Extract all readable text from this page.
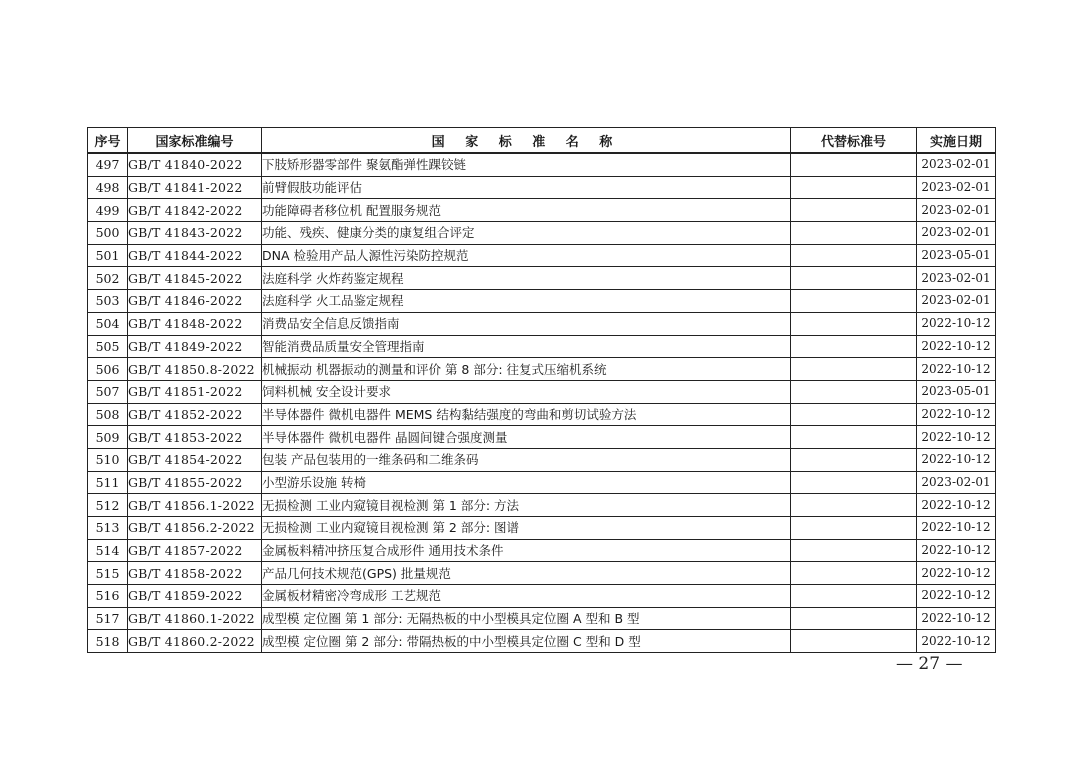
序号	国家标准编号	国 家 标 准 名 称	代替标准号	实施日期
497	GB/T 41840-2022	下肢矫形器零部件 聚氨酯弹性踝铰链		2023-02-01
498	GB/T 41841-2022	前臂假肢功能评估		2023-02-01
499	GB/T 41842-2022	功能障碍者移位机 配置服务规范		2023-02-01
500	GB/T 41843-2022	功能、残疾、健康分类的康复组合评定		2023-02-01
501	GB/T 41844-2022	DNA 检验用产品人源性污染防控规范		2023-05-01
502	GB/T 41845-2022	法庭科学 火炸药鉴定规程		2023-02-01
503	GB/T 41846-2022	法庭科学 火工品鉴定规程		2023-02-01
504	GB/T 41848-2022	消费品安全信息反馈指南		2022-10-12
505	GB/T 41849-2022	智能消费品质量安全管理指南		2022-10-12
506	GB/T 41850.8-2022	机械振动 机器振动的测量和评价 第 8 部分: 往复式压缩机系统		2022-10-12
507	GB/T 41851-2022	饲料机械 安全设计要求		2023-05-01
508	GB/T 41852-2022	半导体器件 微机电器件 MEMS 结构黏结强度的弯曲和剪切试验方法		2022-10-12
509	GB/T 41853-2022	半导体器件 微机电器件 晶圆间键合强度测量		2022-10-12
510	GB/T 41854-2022	包装 产品包装用的一维条码和二维条码		2022-10-12
511	GB/T 41855-2022	小型游乐设施 转椅		2023-02-01
512	GB/T 41856.1-2022	无损检测 工业内窥镜目视检测 第 1 部分: 方法		2022-10-12
513	GB/T 41856.2-2022	无损检测 工业内窥镜目视检测 第 2 部分: 图谱		2022-10-12
514	GB/T 41857-2022	金属板料精冲挤压复合成形件 通用技术条件		2022-10-12
515	GB/T 41858-2022	产品几何技术规范(GPS) 批量规范		2022-10-12
516	GB/T 41859-2022	金属板材精密冷弯成形 工艺规范		2022-10-12
517	GB/T 41860.1-2022	成型模 定位圈 第 1 部分: 无隔热板的中小型模具定位圈 A 型和 B 型		2022-10-12
518	GB/T 41860.2-2022	成型模 定位圈 第 2 部分: 带隔热板的中小型模具定位圈 C 型和 D 型		2022-10-12
— 27 —
